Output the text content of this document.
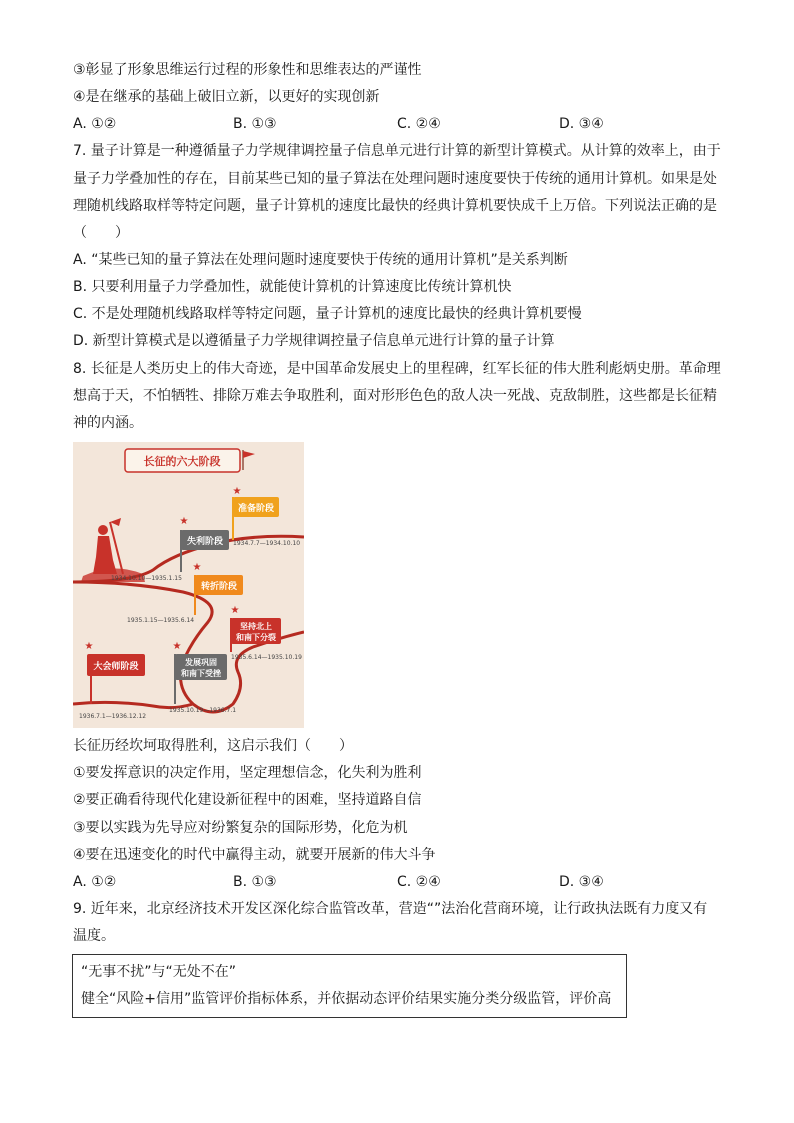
③彰显了形象思维运行过程的形象性和思维表达的严谨性
④是在继承的基础上破旧立新，以更好的实现创新
A. ①②	B. ①③	C. ②④	D. ③④
7. 量子计算是一种遵循量子力学规律调控量子信息单元进行计算的新型计算模式。从计算的效率上，由于
量子力学叠加性的存在，目前某些已知的量子算法在处理问题时速度要快于传统的通用计算机。如果是处
理随机线路取样等特定问题，量子计算机的速度比最快的经典计算机要快成千上万倍。下列说法正确的是
（　　）
A. “某些已知的量子算法在处理问题时速度要快于传统的通用计算机”是关系判断
B. 只要利用量子力学叠加性，就能使计算机的计算速度比传统计算机快
C. 不是处理随机线路取样等特定问题，量子计算机的速度比最快的经典计算机要慢
D. 新型计算模式是以遵循量子力学规律调控量子信息单元进行计算的量子计算
8. 长征是人类历史上的伟大奇迹，是中国革命发展史上的里程碑，红军长征的伟大胜利彪炳史册。革命理
想高于天，不怕牺牲、排除万难去争取胜利，面对形形色色的敌人决一死战、克敌制胜，这些都是长征精
神的内涵。
长征的六大阶段
★
准备阶段
1934.7.7—1934.10.10
★
失利阶段
1934.10.10—1935.1.15
★
转折阶段
1935.1.15—1935.6.14
★
坚持北上
和南下分裂
1935.6.14—1935.10.19
★
发展巩固
和南下受挫
1935.10.19—1936.7.1
★
大会师阶段
1936.7.1—1936.12.12
长征历经坎坷取得胜利，这启示我们（　　）
①要发挥意识的决定作用，坚定理想信念，化失利为胜利
②要正确看待现代化建设新征程中的困难，坚持道路自信
③要以实践为先导应对纷繁复杂的国际形势，化危为机
④要在迅速变化的时代中赢得主动，就要开展新的伟大斗争
A. ①②	B. ①③	C. ②④	D. ③④
9. 近年来，北京经济技术开发区深化综合监管改革，营造“”法治化营商环境，让行政执法既有力度又有
温度。
“无事不扰”与“无处不在”
健全“风险+信用”监管评价指标体系，并依据动态评价结果实施分类分级监管，评价高
